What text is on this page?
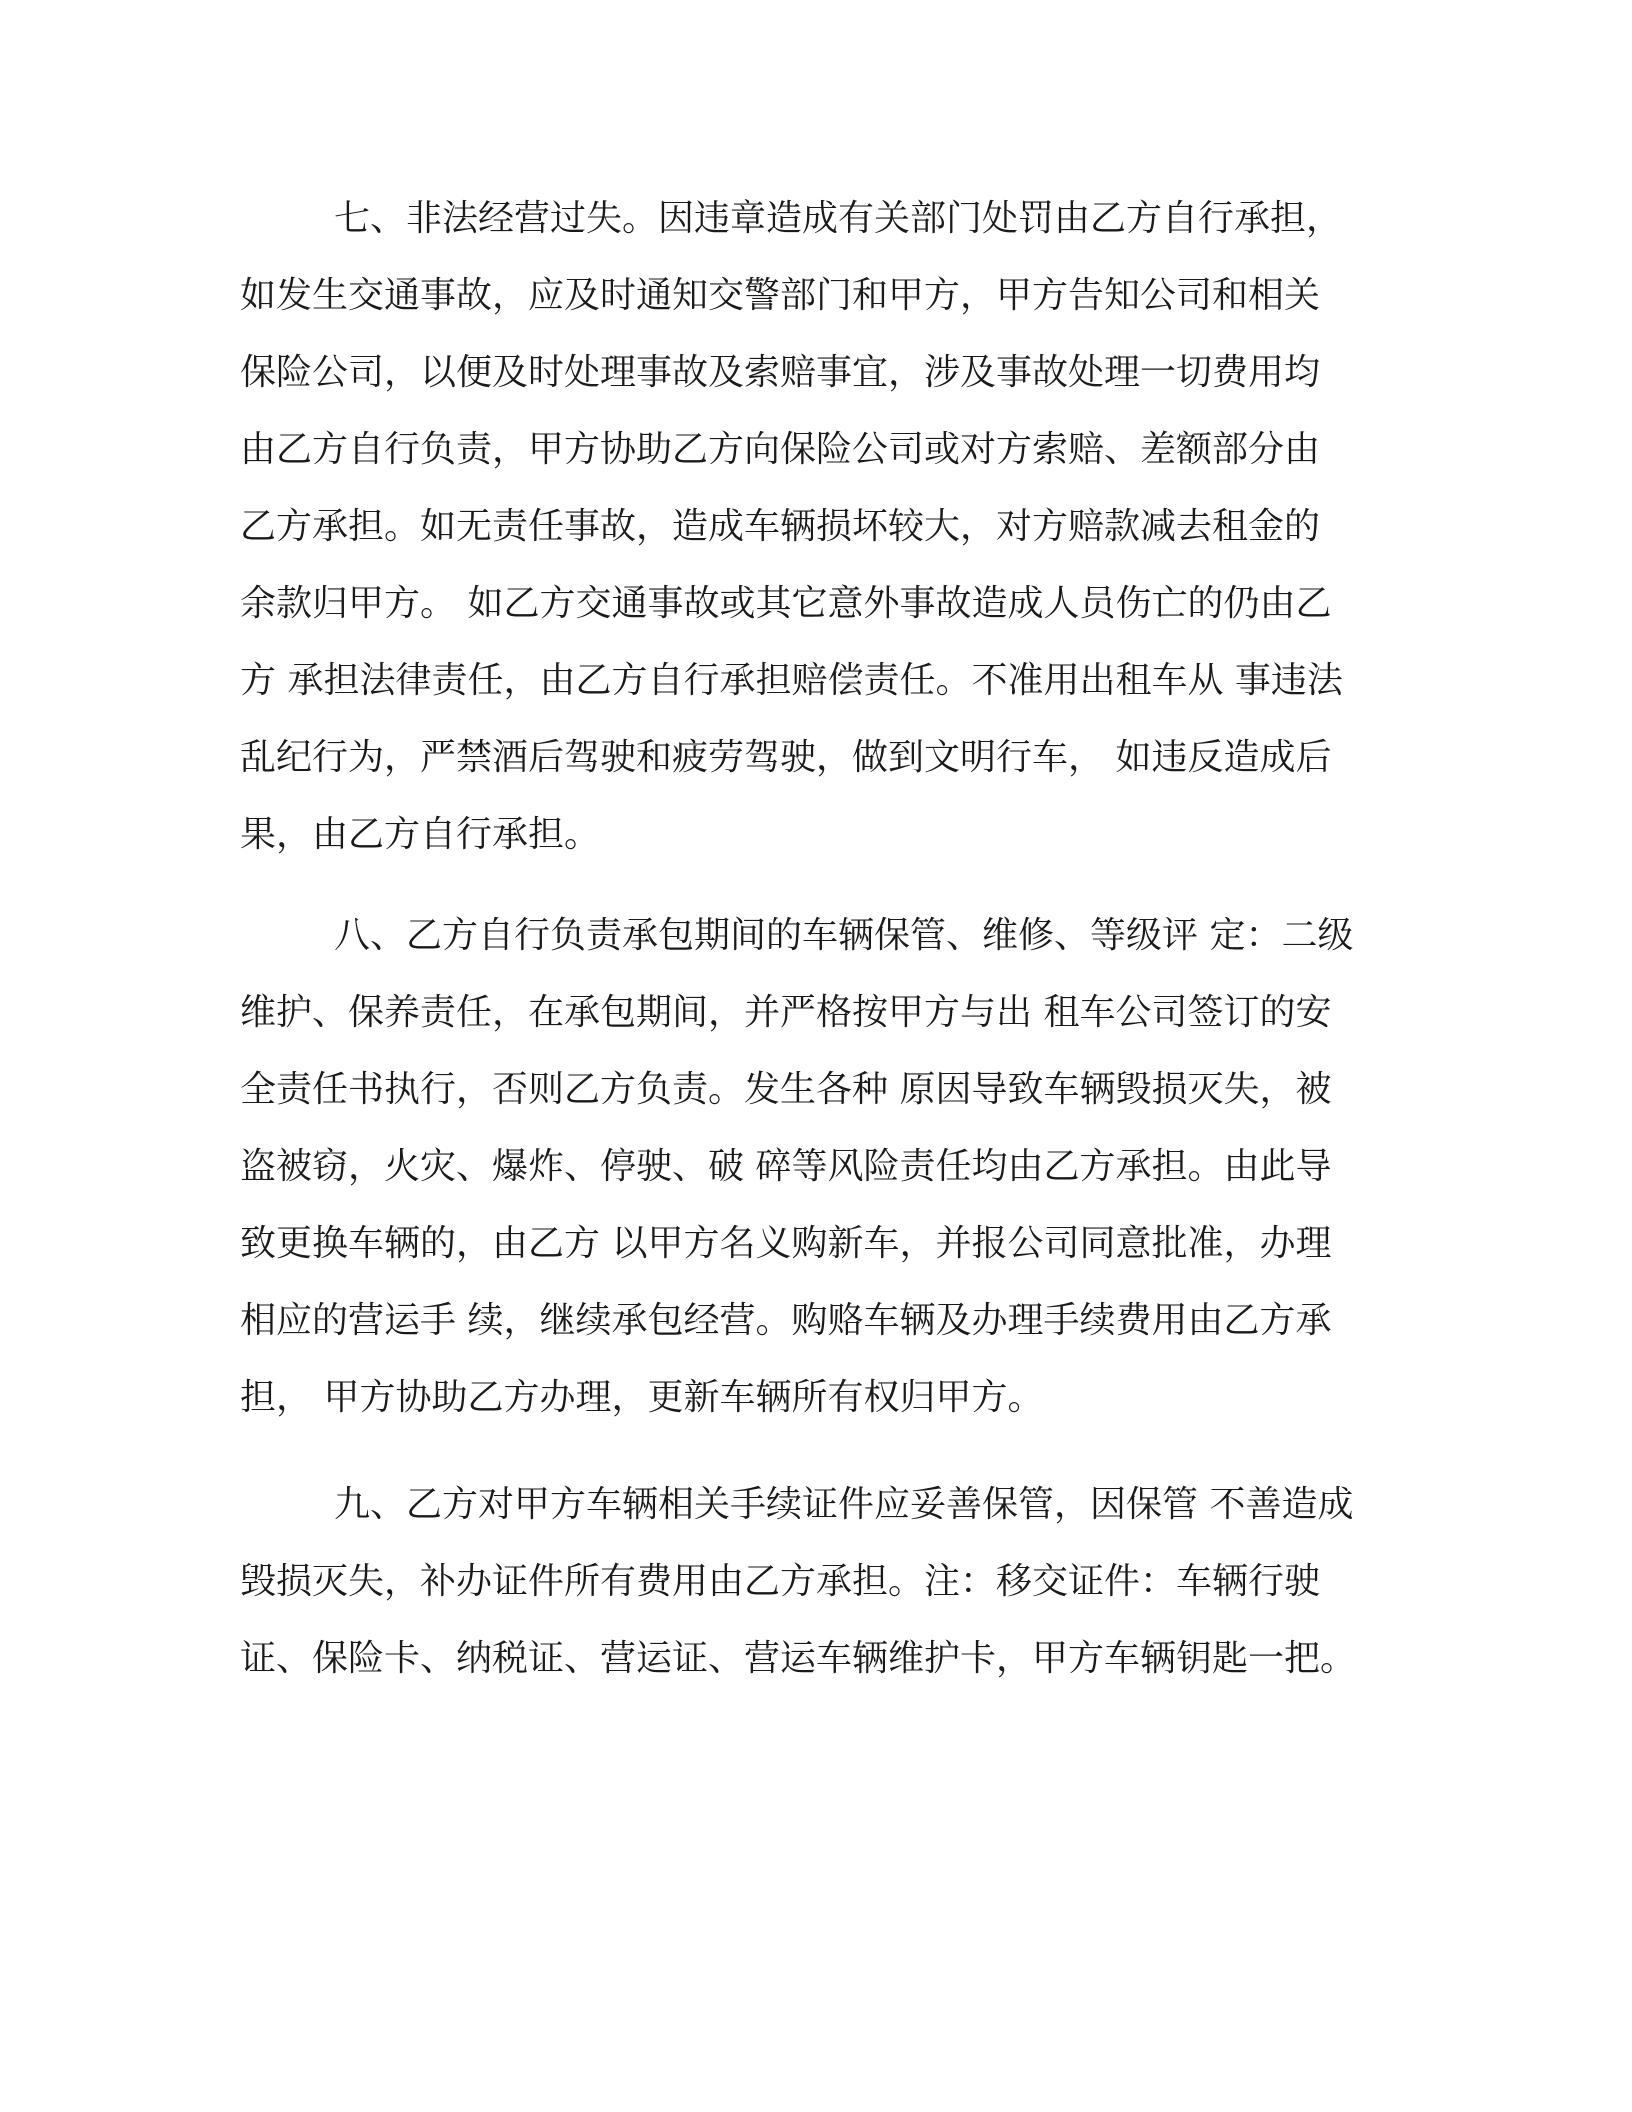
七、非法经营过失。因违章造成有关部门处罚由乙方自行承担，
如发生交通事故，应及时通知交警部门和甲方，甲方告知公司和相关
保险公司，以便及时处理事故及索赔事宜，涉及事故处理一切费用均
由乙方自行负责，甲方协助乙方向保险公司或对方索赔、差额部分由
乙方承担。如无责任事故，造成车辆损坏较大，对方赔款减去租金的
余款归甲方。 如乙方交通事故或其它意外事故造成人员伤亡的仍由乙
方 承担法律责任，由乙方自行承担赔偿责任。不准用出租车从 事违法
乱纪行为，严禁酒后驾驶和疲劳驾驶，做到文明行车， 如违反造成后
果，由乙方自行承担。
八、乙方自行负责承包期间的车辆保管、维修、等级评 定：二级
维护、保养责任，在承包期间，并严格按甲方与出 租车公司签订的安
全责任书执行，否则乙方负责。发生各种 原因导致车辆毁损灭失，被
盗被窃，火灾、爆炸、停驶、破 碎等风险责任均由乙方承担。由此导
致更换车辆的，由乙方 以甲方名义购新车，并报公司同意批准，办理
相应的营运手 续，继续承包经营。购赂车辆及办理手续费用由乙方承
担， 甲方协助乙方办理，更新车辆所有权归甲方。
九、乙方对甲方车辆相关手续证件应妥善保管，因保管 不善造成
毁损灭失，补办证件所有费用由乙方承担。注：移交证件：车辆行驶
证、保险卡、纳税证、营运证、营运车辆维护卡，甲方车辆钥匙一把。
